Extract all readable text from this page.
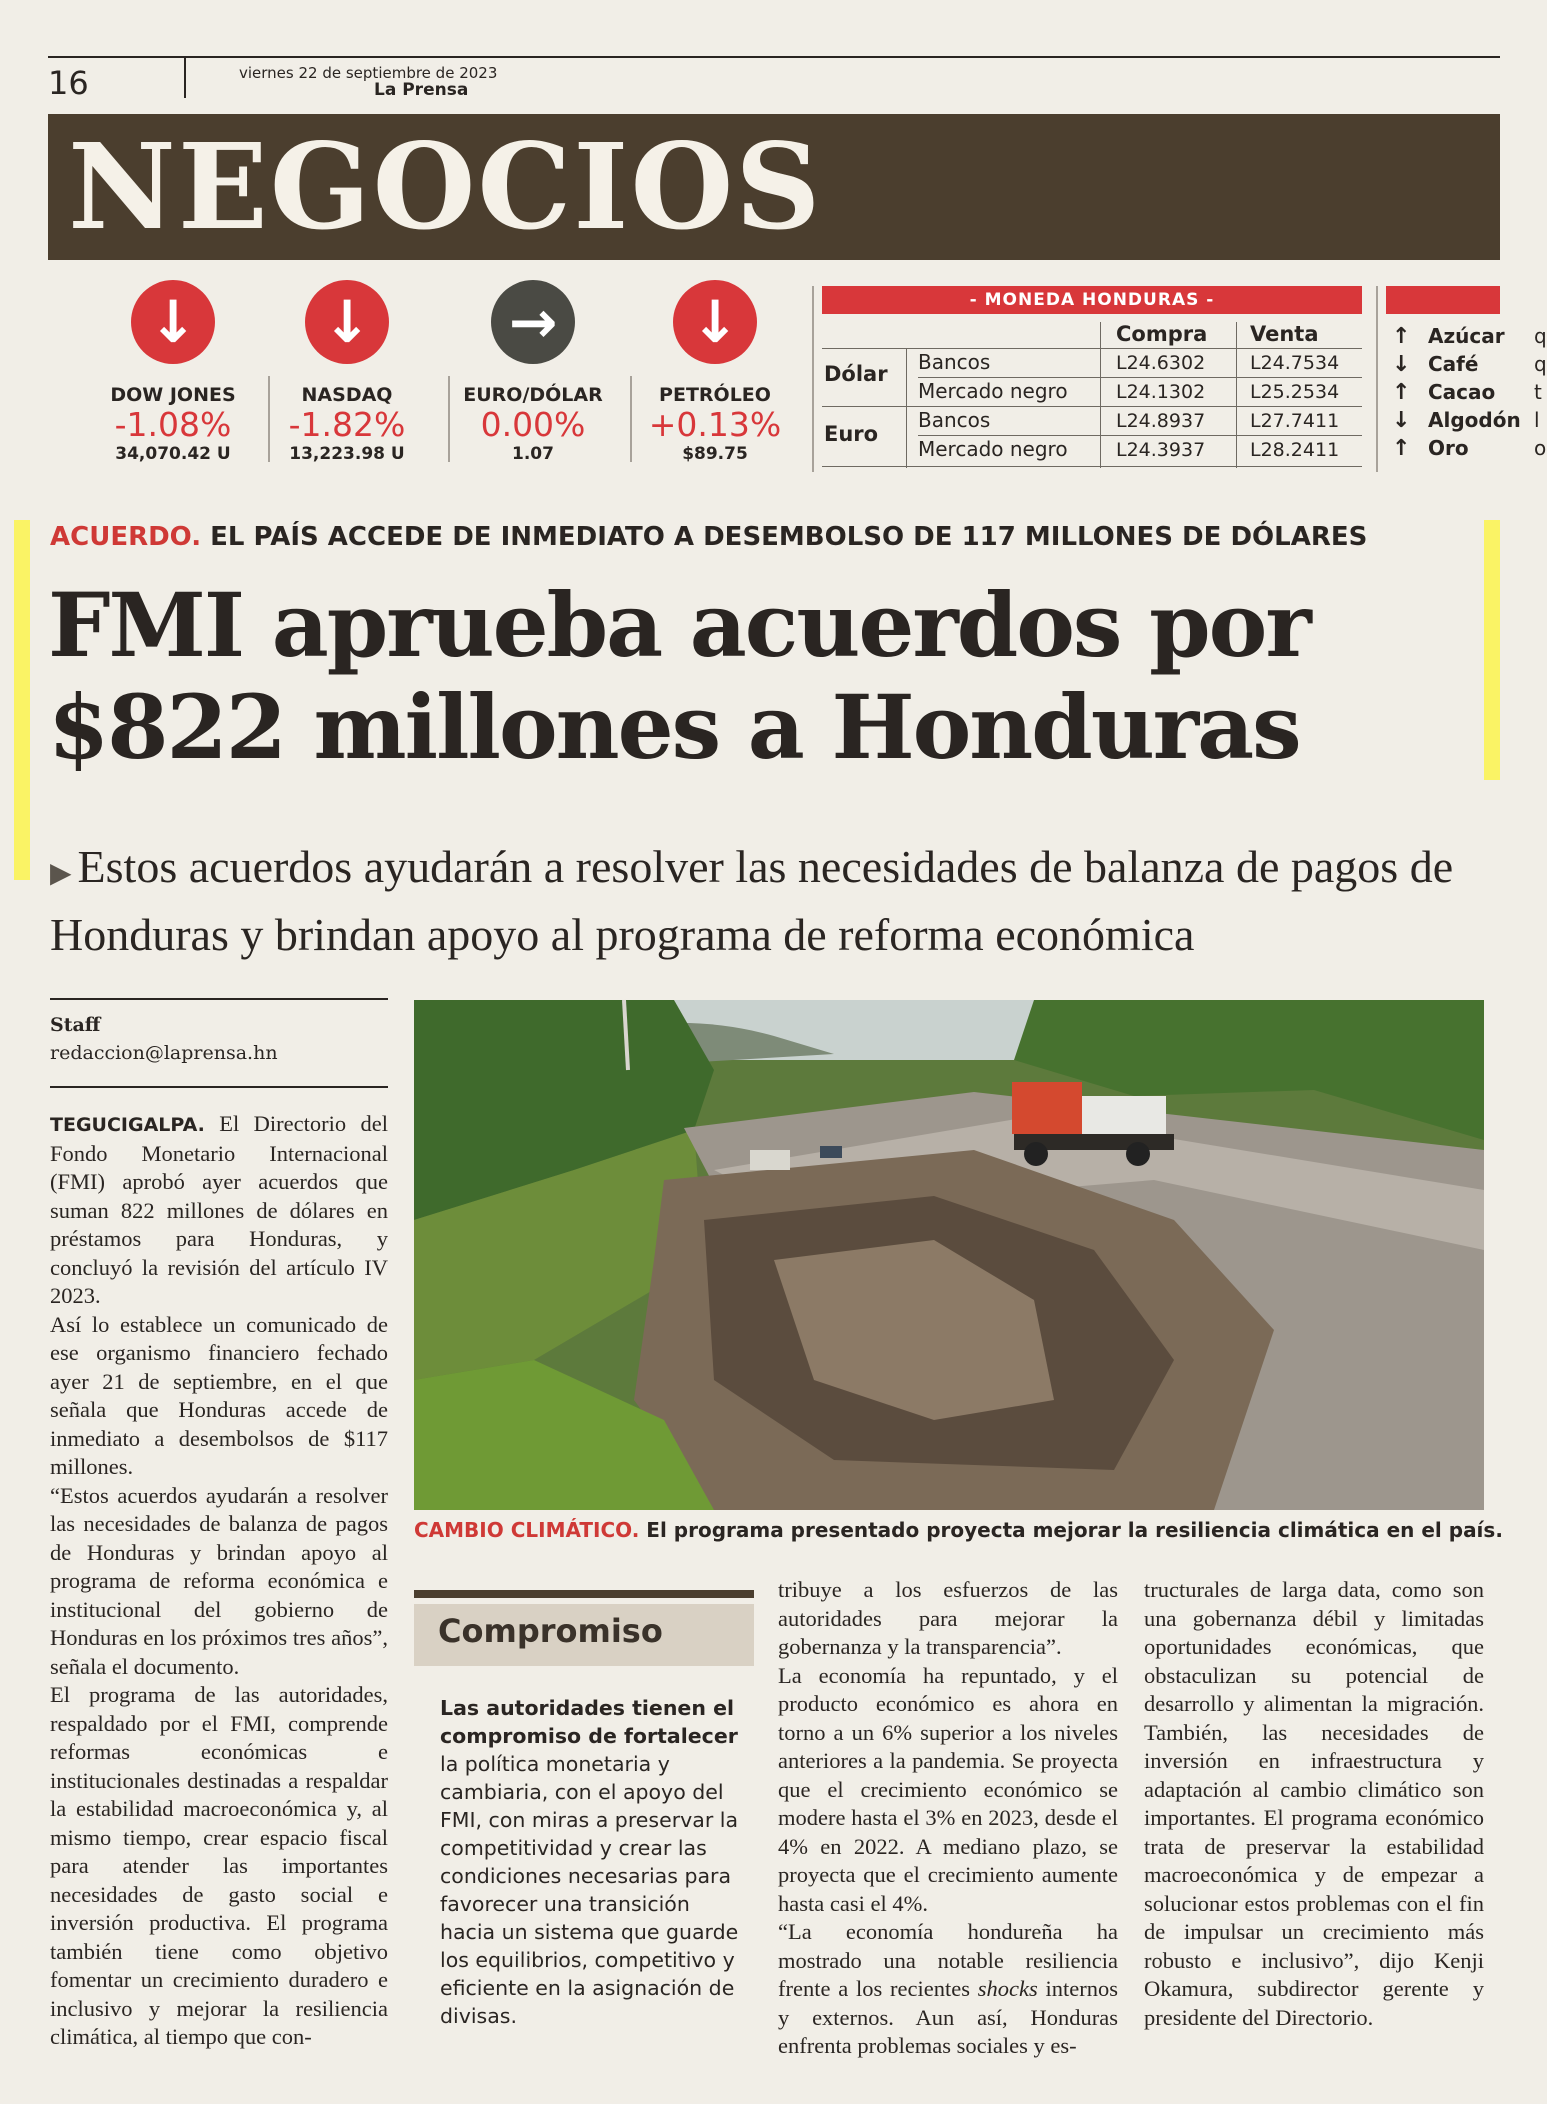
16	viernes 22 de septiembre de 2023
La Prensa
NEGOCIOS
↓
DOW JONES
-1.08%
34,070.42 U
↓
NASDAQ
-1.82%
13,223.98 U
→
EURO/DÓLAR
0.00%
1.07
↓
PETRÓLEO
+0.13%
$89.75
- MONEDA HONDURAS -
Compra Venta
Dólar Bancos	L24.6302 L24.7534
Mercado negro	L24.1302 L25.2534
Euro
Bancos	L24.8937 L27.7411
Mercado negro	L24.3937 L28.2411
↑ Azúcar q
↓ Café	q
↑ Cacao t
↓ Algodón l
↑ Oro	o
ACUERDO. EL PAÍS ACCEDE DE INMEDIATO A DESEMBOLSO DE 117 MILLONES DE DÓLARES
FMI aprueba acuerdos por $822 millones a Honduras
▶ Estos acuerdos ayudarán a resolver las necesidades de balanza de pagos de Honduras y brindan apoyo al programa de reforma económica
Staff
redaccion@laprensa.hn
CAMBIO CLIMÁTICO. El programa presentado proyecta mejorar la resiliencia climática en el país.

TEGUCIGALPA. El Directorio del Fondo Monetario Internacional (FMI) aprobó ayer acuerdos que suman 822 millones de dólares en préstamos para Honduras, y concluyó la revisión del artículo IV 2023.

Así lo establece un comunicado de ese organismo financiero fechado ayer 21 de septiembre, en el que señala que Honduras accede de inmediato a desembolsos de $117 millones.

“Estos acuerdos ayudarán a resolver las necesidades de balanza de pagos de Honduras y brindan apoyo al programa de reforma económica e institucional del gobierno de Honduras en los próximos tres años”, señala el documento.

El programa de las autoridades, respaldado por el FMI, comprende reformas económicas e institucionales destinadas a respaldar la estabilidad macroeconómica y, al mismo tiempo, crear espacio fiscal para atender las importantes necesidades de gasto social e inversión productiva. El programa también tiene como objetivo fomentar un crecimiento duradero e inclusivo y mejorar la resiliencia climática, al tiempo que con-

Compromiso
Las autoridades tienen el compromiso de fortalecer la política monetaria y cambiaria, con el apoyo del FMI, con miras a preservar la competitividad y crear las condiciones necesarias para favorecer una transición hacia un sistema que guarde los equilibrios, competitivo y eficiente en la asignación de divisas.

tribuye a los esfuerzos de las autoridades para mejorar la gobernanza y la transparencia”.

La economía ha repuntado, y el producto económico es ahora en torno a un 6% superior a los niveles anteriores a la pandemia. Se proyecta que el crecimiento económico se modere hasta el 3% en 2023, desde el 4% en 2022. A mediano plazo, se proyecta que el crecimiento aumente hasta casi el 4%.

“La economía hondureña ha mostrado una notable resiliencia frente a los recientes shocks internos y externos. Aun así, Honduras enfrenta problemas sociales y es-

tructurales de larga data, como son una gobernanza débil y limitadas oportunidades económicas, que obstaculizan su potencial de desarrollo y alimentan la migración. También, las necesidades de inversión en infraestructura y adaptación al cambio climático son importantes. El programa económico trata de preservar la estabilidad macroeconómica y de empezar a solucionar estos problemas con el fin de impulsar un crecimiento más robusto e inclusivo”, dijo Kenji Okamura, subdirector gerente y presidente del Directorio.
